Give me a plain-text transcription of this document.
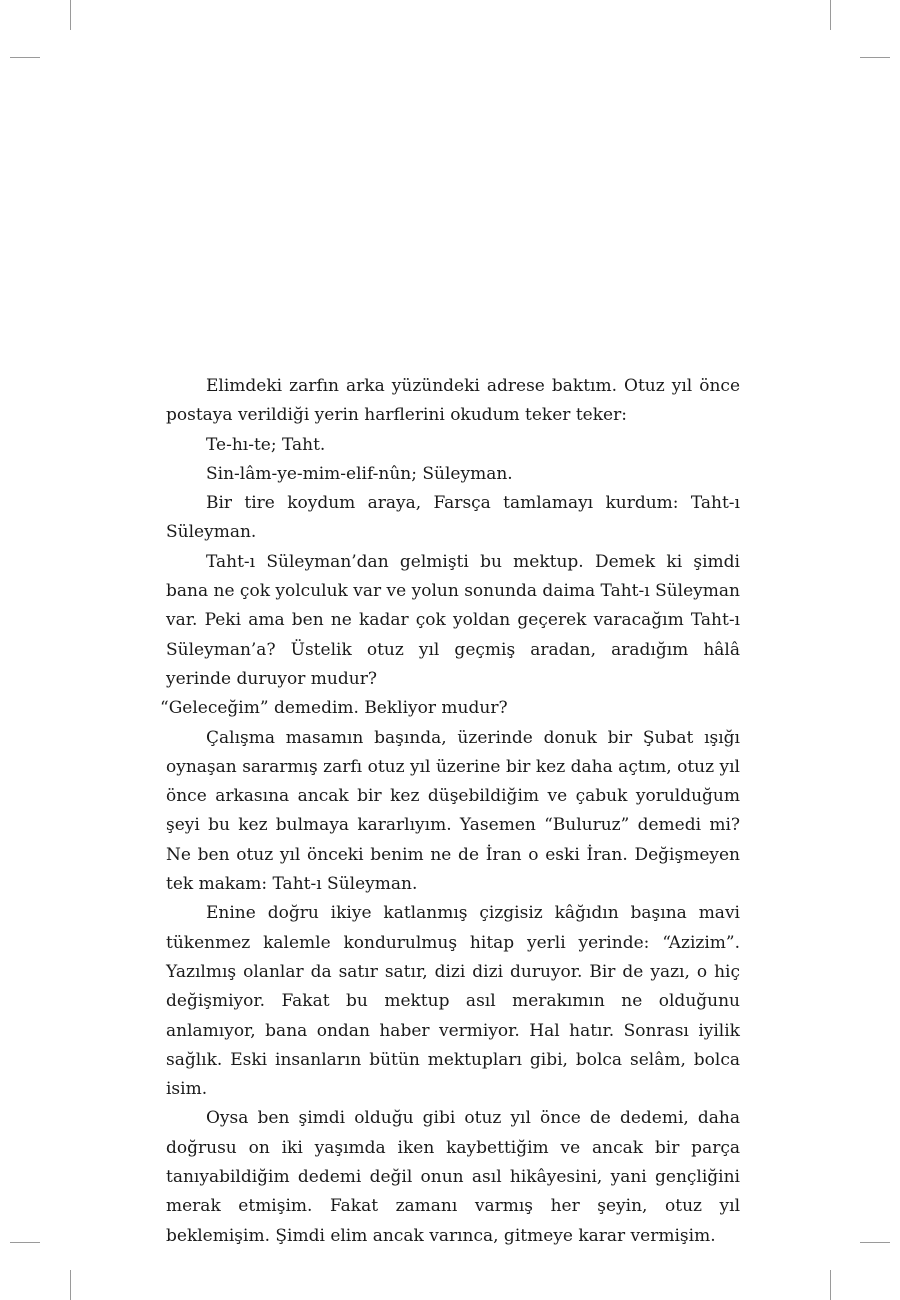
Elimdeki zarfın arka yüzündeki adrese baktım. Otuz yıl önce postaya verildiği yerin harflerini okudum teker teker:

Te-hı-te; Taht.

Sin-lâm-ye-mim-elif-nûn; Süleyman.

Bir tire koydum araya, Farsça tamlamayı kurdum: Taht-ı Süleyman.

Taht-ı Süleyman’dan gelmişti bu mektup. Demek ki şimdi bana ne çok yolculuk var ve yolun sonunda daima Taht-ı Süleyman var. Peki ama ben ne kadar çok yoldan geçerek varacağım Taht-ı Süleyman’a? Üstelik otuz yıl geçmiş aradan, aradığım hâlâ yerinde duruyor mudur?

“Geleceğim” demedim. Bekliyor mudur?

Çalışma masamın başında, üzerinde donuk bir Şubat ışığı oynaşan sararmış zarfı otuz yıl üzerine bir kez daha açtım, otuz yıl önce arkasına ancak bir kez düşebildiğim ve çabuk yorulduğum şeyi bu kez bulmaya kararlıyım. Yasemen “Buluruz” demedi mi? Ne ben otuz yıl önceki benim ne de İran o eski İran. Değişmeyen tek makam: Taht-ı Süleyman.

Enine doğru ikiye katlanmış çizgisiz kâğıdın başına mavi tükenmez kalemle kondurulmuş hitap yerli yerinde: “Azizim”. Yazılmış olanlar da satır satır, dizi dizi duruyor. Bir de yazı, o hiç değişmiyor. Fakat bu mektup asıl merakımın ne olduğunu anlamıyor, bana ondan haber vermiyor. Hal hatır. Sonrası iyilik sağlık. Eski insanların bütün mektupları gibi, bolca selâm, bolca isim.

Oysa ben şimdi olduğu gibi otuz yıl önce de dedemi, daha doğrusu on iki yaşımda iken kaybettiğim ve ancak bir parça tanıyabildiğim dedemi değil onun asıl hikâyesini, yani gençliğini merak etmişim. Fakat zamanı varmış her şeyin, otuz yıl beklemişim. Şimdi elim ancak varınca, gitmeye karar vermişim.
